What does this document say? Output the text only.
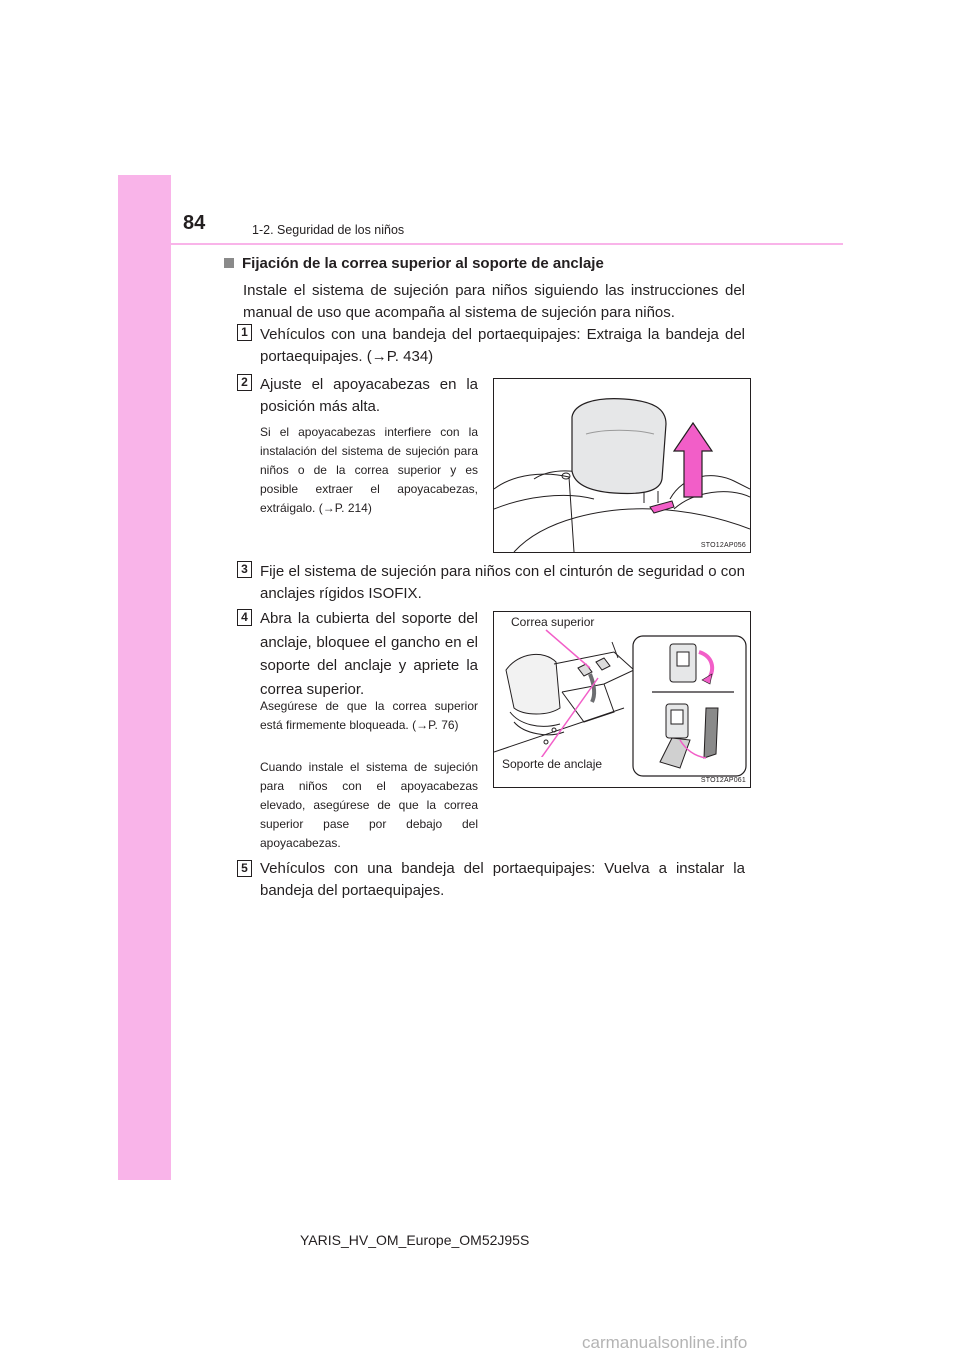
84	1-2. Seguridad de los niños
Fijación de la correa superior al soporte de anclaje
Instale el sistema de sujeción para niños siguiendo las instrucciones del manual de uso que acompaña al sistema de sujeción para niños.
1 Vehículos con una bandeja del portaequipajes: Extraiga la bandeja del portaequipajes. (→P. 434)
2 Ajuste el apoyacabezas en la posición más alta.
Si el apoyacabezas interfiere con la instalación del sistema de sujeción para niños o de la correa superior y es posible extraer el apoyacabezas, extráigalo. (→P. 214)
STO12AP056
3 Fije el sistema de sujeción para niños con el cinturón de seguridad o con anclajes rígidos ISOFIX.
4 Abra la cubierta del soporte del anclaje, bloquee el gancho en el soporte del anclaje y apriete la correa superior.
Asegúrese de que la correa superior está firmemente bloqueada. (→P. 76)
Cuando instale el sistema de sujeción para niños con el apoyacabezas elevado, asegúrese de que la correa superior pase por debajo del apoyacabezas.
Correa superior
Soporte de anclaje
STO12AP061
5 Vehículos con una bandeja del portaequipajes: Vuelva a instalar la bandeja del portaequipajes.
YARIS_HV_OM_Europe_OM52J95S
carmanualsonline.info
